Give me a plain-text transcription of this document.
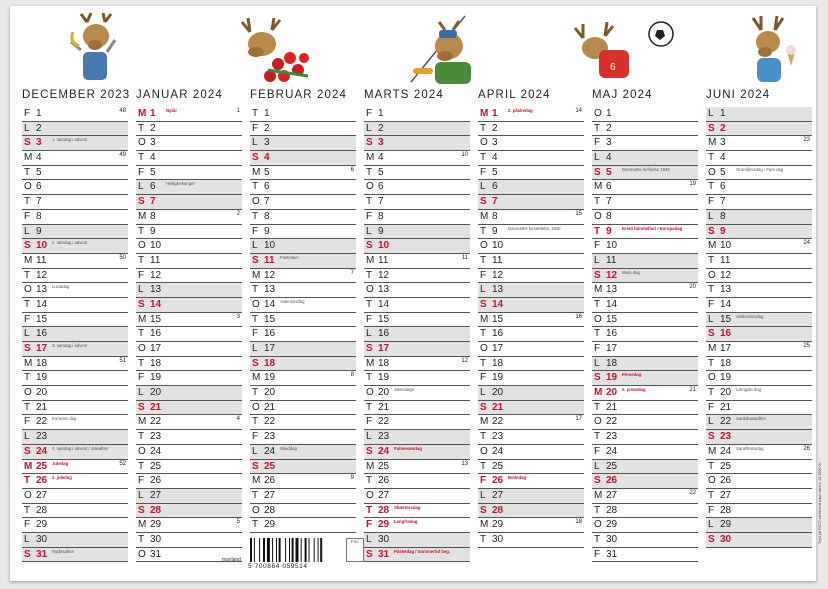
6
DECEMBER 2023
F 1	48
L 2
S 3 1. søndag i advent
M 4	49
T 5
O 6
T 7
F 8
L 9
S 10 2. søndag i advent
M 11	50
T 12
O 13 Luciadag
T 14
F 15
L 16
S 17 3. søndag i advent
M 18	51
T 19
O 20
T 21
F 22 Korteste dag
L 23
S 24 4. søndag i advent / Juleaften
M 25 Juledag	52
T 26 2. juledag
O 27
T 28
F 29
L 30
S 31 Nytårsaften
JANUAR 2024
M 1 Nytår	1
T 2
O 3
T 4
F 5
L 6 Helligtrekonger
S 7
M 8	2
T 9
O 10
T 11
F 12
L 13
S 14
M 15	3
T 16
O 17
T 18
F 19
L 20
S 21
M 22	4
T 23
O 24
T 25
F 26
L 27
S 28
M 29	5
T 30
O 31
FEBRUAR 2024
T 1
F 2
L 3
S 4
M 5	6
T 6
O 7
T 8
F 9
L 10
S 11 Fastelavn
M 12	7
T 13
O 14 Valentinsdag
T 15
F 16
L 17
S 18
M 19	8
T 20
O 21
T 22
F 23
L 24 Skuddag
S 25
M 26	9
T 27
O 28
T 29
MARTS 2024
F 1
L 2
S 3
M 4	10
T 5
O 6
T 7
F 8
L 9
S 10
M 11	11
T 12
O 13
T 14
F 15
L 16
S 17
M 18	12
T 19
O 20 Jævndøgn
T 21
F 22
L 23
S 24 Palmesøndag
M 25	13
T 26
O 27
T 28 Skærtorsdag
F 29 Langfredag
L 30
S 31 Påskedag / Sommertid beg.
APRIL 2024
M 1 2. påskedag	14
T 2
O 3
T 4
F 5
L 6
S 7
M 8	15
T 9 Danmarks besættelse 1940
O 10
T 11
F 12
L 13
S 14
M 15	16
T 16
O 17
T 18
F 19
L 20
S 21
M 22	17
T 23
O 24
T 25
F 26 Bededag
L 27
S 28
M 29	18
T 30
MAJ 2024
O 1
T 2
F 3
L 4
S 5 Danmarks befrielse 1945
M 6	19
T 7
O 8
T 9 Kristi himmelfart / Europadag
F 10
L 11
S 12 Mors dag
M 13	20
T 14
O 15
T 16
F 17
L 18
S 19 Pinsedag
M 20 2. pinsedag	21
T 21
O 22
T 23
F 24
L 25
S 26
M 27	22
T 28
O 29
T 30
F 31
JUNI 2024
L 1
S 2
M 3	23
T 4
O 5 Grundlovsdag / Fars dag
T 6
F 7
L 8
S 9
M 10	24
T 11
O 12
T 13
F 14
L 15 Valdemarsdag
S 16
M 17	25
T 18
O 19
T 20 Længste dag
F 21
L 22 Sankthansaften
S 23
M 24 Sankthansdag	26
T 25
O 26
T 27
F 28
L 29
S 30
mayland
5 700864 059514
FSC	Trykt på FSC® certificeret papir Varenr. 24 0598 00
